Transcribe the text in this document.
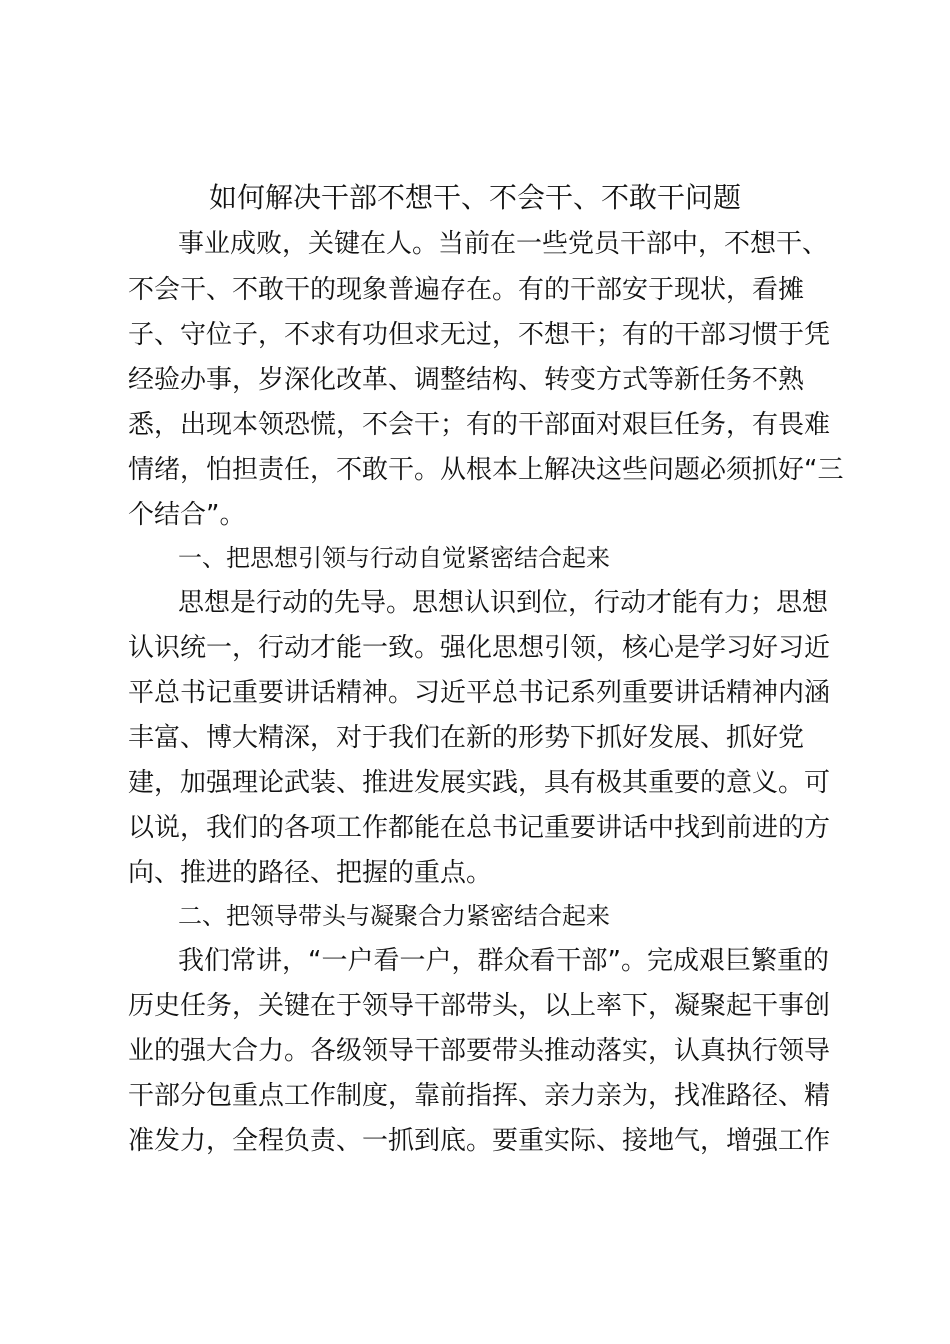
如何解决干部不想干、不会干、不敢干问题
事业成败，关键在人。当前在一些党员干部中，不想干、
不会干、不敢干的现象普遍存在。有的干部安于现状，看摊
子、守位子，不求有功但求无过，不想干；有的干部习惯于凭
经验办事，岁深化改革、调整结构、转变方式等新任务不熟
悉，出现本领恐慌，不会干；有的干部面对艰巨任务，有畏难
情绪，怕担责任，不敢干。从根本上解决这些问题必须抓好“三
个结合”。
一、把思想引领与行动自觉紧密结合起来
思想是行动的先导。思想认识到位，行动才能有力；思想
认识统一，行动才能一致。强化思想引领，核心是学习好习近
平总书记重要讲话精神。习近平总书记系列重要讲话精神内涵
丰富、博大精深，对于我们在新的形势下抓好发展、抓好党
建，加强理论武装、推进发展实践，具有极其重要的意义。可
以说，我们的各项工作都能在总书记重要讲话中找到前进的方
向、推进的路径、把握的重点。
二、把领导带头与凝聚合力紧密结合起来
我们常讲，“一户看一户，群众看干部”。完成艰巨繁重的
历史任务，关键在于领导干部带头，以上率下，凝聚起干事创
业的强大合力。各级领导干部要带头推动落实，认真执行领导
干部分包重点工作制度，靠前指挥、亲力亲为，找准路径、精
准发力，全程负责、一抓到底。要重实际、接地气，增强工作
